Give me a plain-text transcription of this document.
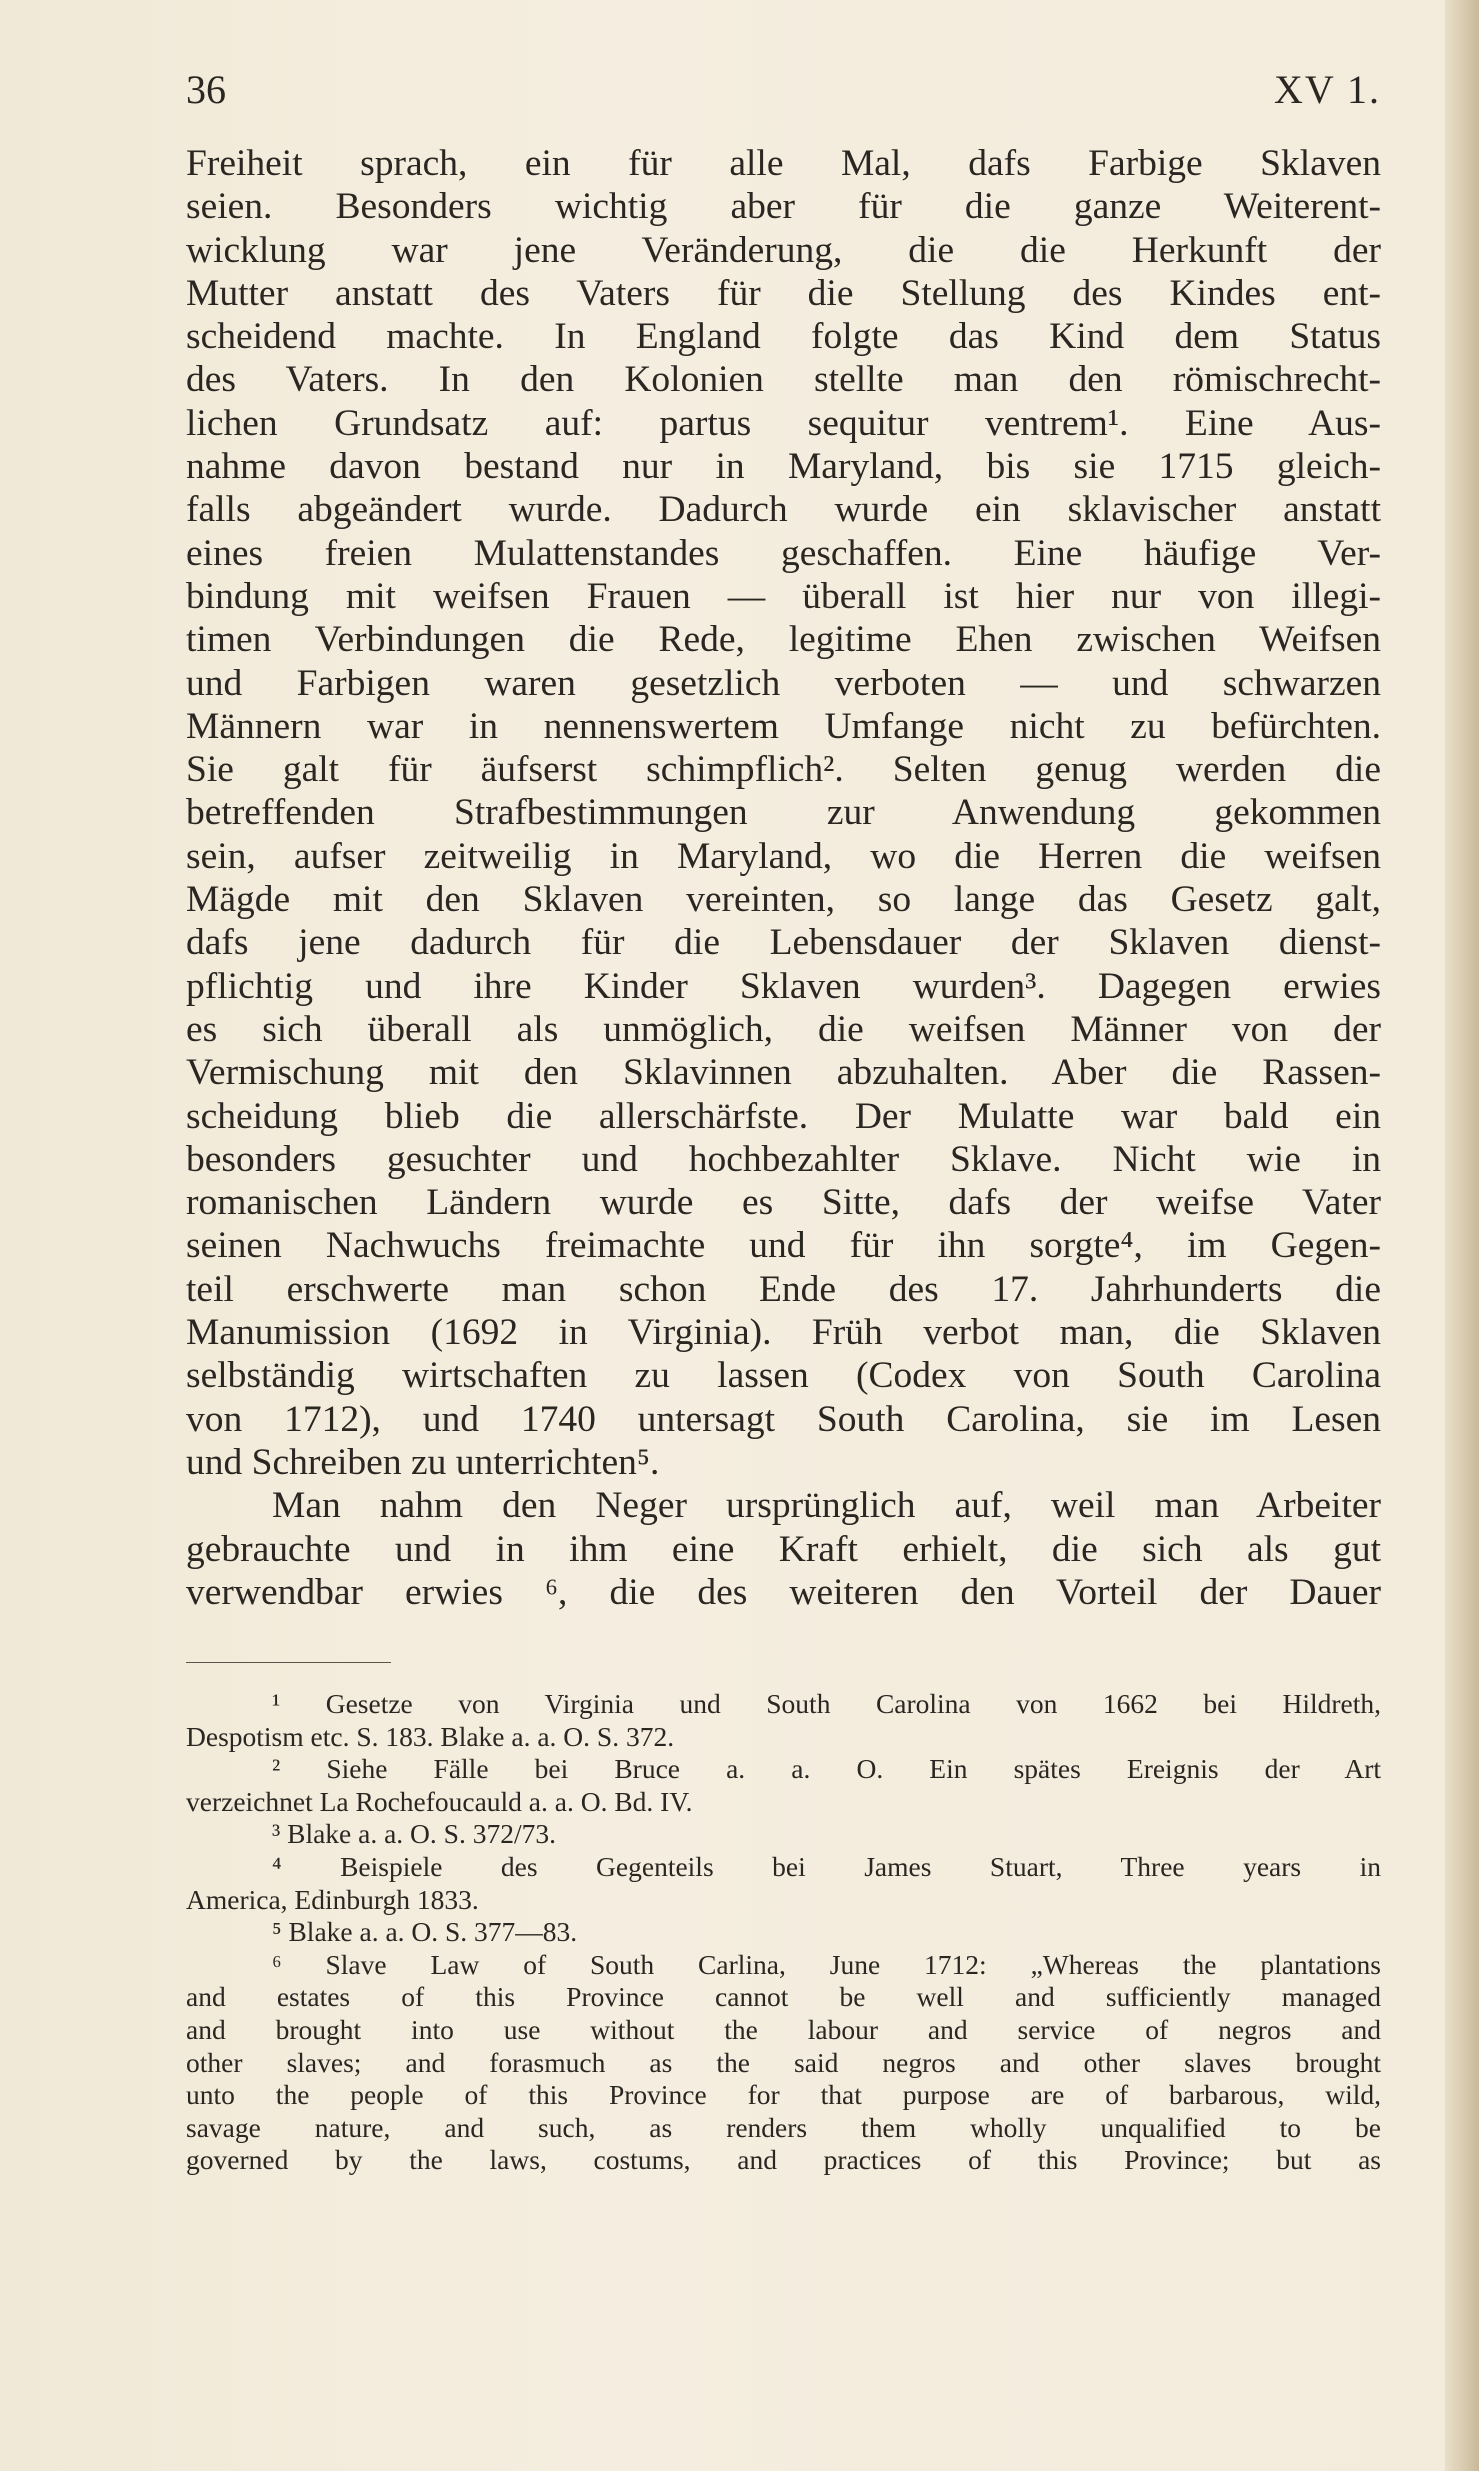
36	XV 1.
Freiheit sprach, ein für alle Mal, dafs Farbige Sklaven
seien. Besonders wichtig aber für die ganze Weiterent-
wicklung war jene Veränderung, die die Herkunft der
Mutter anstatt des Vaters für die Stellung des Kindes ent-
scheidend machte. In England folgte das Kind dem Status
des Vaters. In den Kolonien stellte man den römischrecht-
lichen Grundsatz auf: partus sequitur ventrem¹. Eine Aus-
nahme davon bestand nur in Maryland, bis sie 1715 gleich-
falls abgeändert wurde. Dadurch wurde ein sklavischer anstatt
eines freien Mulattenstandes geschaffen. Eine häufige Ver-
bindung mit weifsen Frauen — überall ist hier nur von illegi-
timen Verbindungen die Rede, legitime Ehen zwischen Weifsen
und Farbigen waren gesetzlich verboten — und schwarzen
Männern war in nennenswertem Umfange nicht zu befürchten.
Sie galt für äufserst schimpflich². Selten genug werden die
betreffenden Strafbestimmungen zur Anwendung gekommen
sein, aufser zeitweilig in Maryland, wo die Herren die weifsen
Mägde mit den Sklaven vereinten, so lange das Gesetz galt,
dafs jene dadurch für die Lebensdauer der Sklaven dienst-
pflichtig und ihre Kinder Sklaven wurden³. Dagegen erwies
es sich überall als unmöglich, die weifsen Männer von der
Vermischung mit den Sklavinnen abzuhalten. Aber die Rassen-
scheidung blieb die allerschärfste. Der Mulatte war bald ein
besonders gesuchter und hochbezahlter Sklave. Nicht wie in
romanischen Ländern wurde es Sitte, dafs der weifse Vater
seinen Nachwuchs freimachte und für ihn sorgte⁴, im Gegen-
teil erschwerte man schon Ende des 17. Jahrhunderts die
Manumission (1692 in Virginia). Früh verbot man, die Sklaven
selbständig wirtschaften zu lassen (Codex von South Carolina
von 1712), und 1740 untersagt South Carolina, sie im Lesen
und Schreiben zu unterrichten⁵.
Man nahm den Neger ursprünglich auf, weil man Arbeiter
gebrauchte und in ihm eine Kraft erhielt, die sich als gut
verwendbar erwies ⁶, die des weiteren den Vorteil der Dauer
¹ Gesetze von Virginia und South Carolina von 1662 bei Hildreth,
Despotism etc. S. 183. Blake a. a. O. S. 372.
² Siehe Fälle bei Bruce a. a. O. Ein spätes Ereignis der Art
verzeichnet La Rochefoucauld a. a. O. Bd. IV.
³ Blake a. a. O. S. 372/73.
⁴ Beispiele des Gegenteils bei James Stuart, Three years in
America, Edinburgh 1833.
⁵ Blake a. a. O. S. 377—83.
⁶ Slave Law of South Carlina, June 1712: „Whereas the plantations
and estates of this Province cannot be well and sufficiently managed
and brought into use without the labour and service of negros and
other slaves; and forasmuch as the said negros and other slaves brought
unto the people of this Province for that purpose are of barbarous, wild,
savage nature, and such, as renders them wholly unqualified to be
governed by the laws, costums, and practices of this Province; but as
